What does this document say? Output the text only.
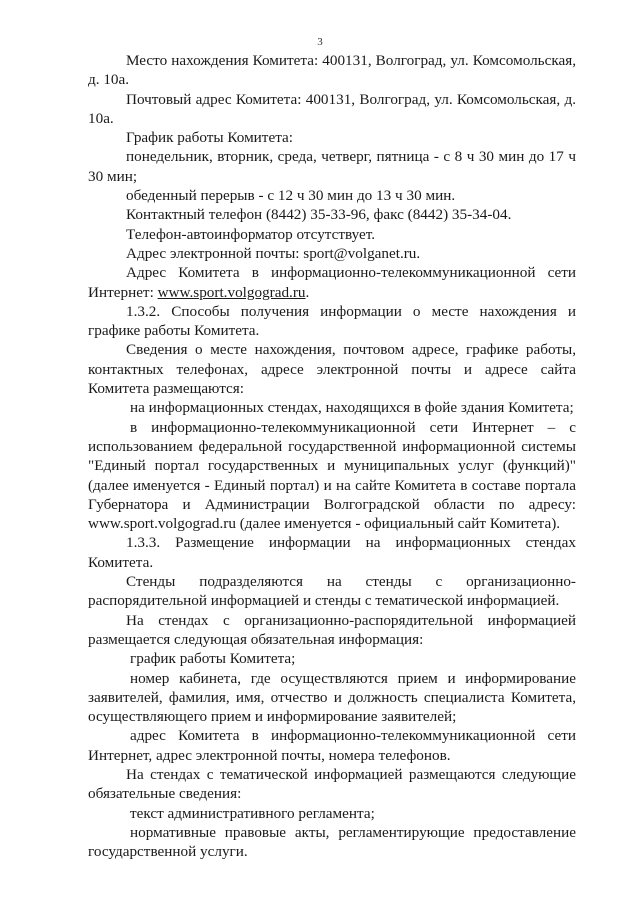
3

Место нахождения Комитета: 400131, Волгоград, ул. Комсомольская, д. 10а.

Почтовый адрес Комитета: 400131, Волгоград, ул. Комсомольская, д. 10а.

График работы Комитета:

понедельник, вторник, среда, четверг, пятница - с 8 ч 30 мин до 17 ч 30 мин;

обеденный перерыв - с 12 ч 30 мин до 13 ч 30 мин.

Контактный телефон (8442) 35-33-96, факс (8442) 35-34-04.

Телефон-автоинформатор отсутствует.

Адрес электронной почты: sport@volganet.ru.

Адрес Комитета в информационно-телекоммуникационной сети Интернет: www.sport.volgograd.ru.

1.3.2. Способы получения информации о месте нахождения и графике работы Комитета.

Сведения о месте нахождения, почтовом адресе, графике работы, контактных телефонах, адресе электронной почты и адресе сайта Комитета размещаются:

на информационных стендах, находящихся в фойе здания Комитета;

в информационно-телекоммуникационной сети Интернет – с использованием федеральной государственной информационной системы "Единый портал государственных и муниципальных услуг (функций)" (далее именуется - Единый портал) и на сайте Комитета в составе портала Губернатора и Администрации Волгоградской области по адресу: www.sport.volgograd.ru (далее именуется - официальный сайт Комитета).

1.3.3. Размещение информации на информационных стендах Комитета.

Стенды подразделяются на стенды с организационно-распорядительной информацией и стенды с тематической информацией.

На стендах с организационно-распорядительной информацией размещается следующая обязательная информация:

график работы Комитета;

номер кабинета, где осуществляются прием и информирование заявителей, фамилия, имя, отчество и должность специалиста Комитета, осуществляющего прием и информирование заявителей;

адрес Комитета в информационно-телекоммуникационной сети Интернет, адрес электронной почты, номера телефонов.

На стендах с тематической информацией размещаются следующие обязательные сведения:

текст административного регламента;

нормативные правовые акты, регламентирующие предоставление государственной услуги.
